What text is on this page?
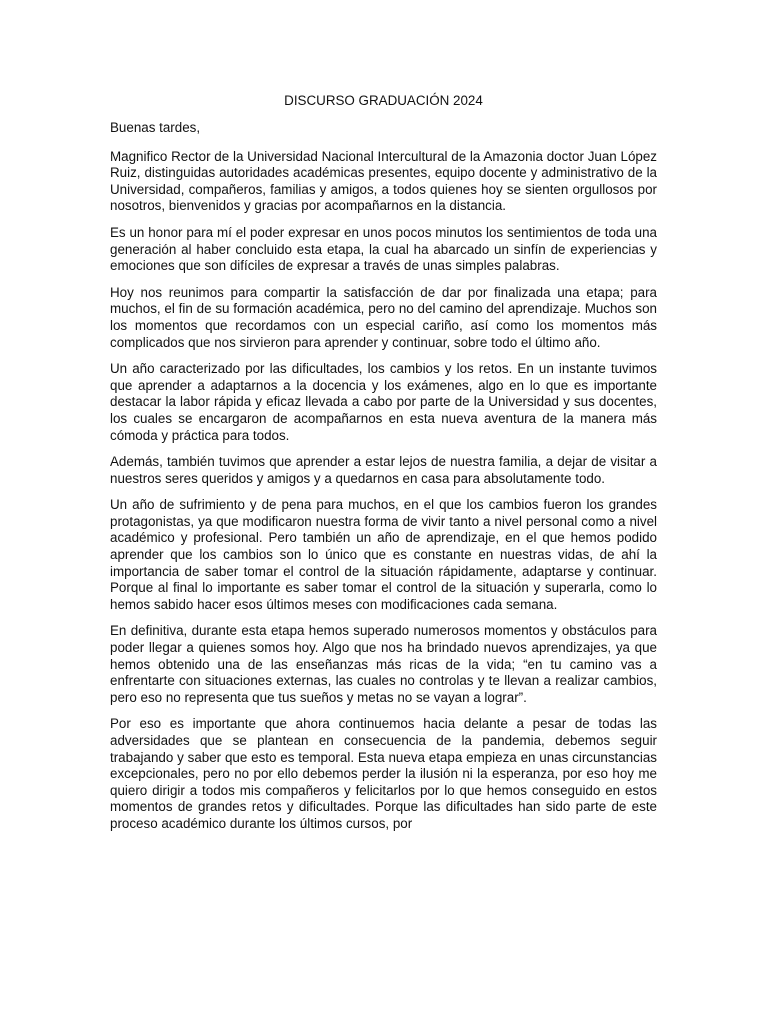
DISCURSO GRADUACIÓN 2024
Buenas tardes,

Magnifico Rector de la Universidad Nacional Intercultural de la Amazonia doctor Juan López Ruiz, distinguidas autoridades académicas presentes, equipo docente y administrativo de la Universidad, compañeros, familias y amigos, a todos quienes hoy se sienten orgullosos por nosotros, bienvenidos y gracias por acompañarnos en la distancia.

Es un honor para mí el poder expresar en unos pocos minutos los sentimientos de toda una generación al haber concluido esta etapa, la cual ha abarcado un sinfín de experiencias y emociones que son difíciles de expresar a través de unas simples palabras.

Hoy nos reunimos para compartir la satisfacción de dar por finalizada una etapa; para muchos, el fin de su formación académica, pero no del camino del aprendizaje. Muchos son los momentos que recordamos con un especial cariño, así como los momentos más complicados que nos sirvieron para aprender y continuar, sobre todo el último año.

Un año caracterizado por las dificultades, los cambios y los retos. En un instante tuvimos que aprender a adaptarnos a la docencia y los exámenes, algo en lo que es importante destacar la labor rápida y eficaz llevada a cabo por parte de la Universidad y sus docentes, los cuales se encargaron de acompañarnos en esta nueva aventura de la manera más cómoda y práctica para todos.

Además, también tuvimos que aprender a estar lejos de nuestra familia, a dejar de visitar a nuestros seres queridos y amigos y a quedarnos en casa para absolutamente todo.

Un año de sufrimiento y de pena para muchos, en el que los cambios fueron los grandes protagonistas, ya que modificaron nuestra forma de vivir tanto a nivel personal como a nivel académico y profesional. Pero también un año de aprendizaje, en el que hemos podido aprender que los cambios son lo único que es constante en nuestras vidas, de ahí la importancia de saber tomar el control de la situación rápidamente, adaptarse y continuar. Porque al final lo importante es saber tomar el control de la situación y superarla, como lo hemos sabido hacer esos últimos meses con modificaciones cada semana.

En definitiva, durante esta etapa hemos superado numerosos momentos y obstáculos para poder llegar a quienes somos hoy. Algo que nos ha brindado nuevos aprendizajes, ya que hemos obtenido una de las enseñanzas más ricas de la vida; “en tu camino vas a enfrentarte con situaciones externas, las cuales no controlas y te llevan a realizar cambios, pero eso no representa que tus sueños y metas no se vayan a lograr”.

Por eso es importante que ahora continuemos hacia delante a pesar de todas las adversidades que se plantean en consecuencia de la pandemia, debemos seguir trabajando y saber que esto es temporal. Esta nueva etapa empieza en unas circunstancias excepcionales, pero no por ello debemos perder la ilusión ni la esperanza, por eso hoy me quiero dirigir a todos mis compañeros y felicitarlos por lo que hemos conseguido en estos momentos de grandes retos y dificultades. Porque las dificultades han sido parte de este proceso académico durante los últimos cursos, por
